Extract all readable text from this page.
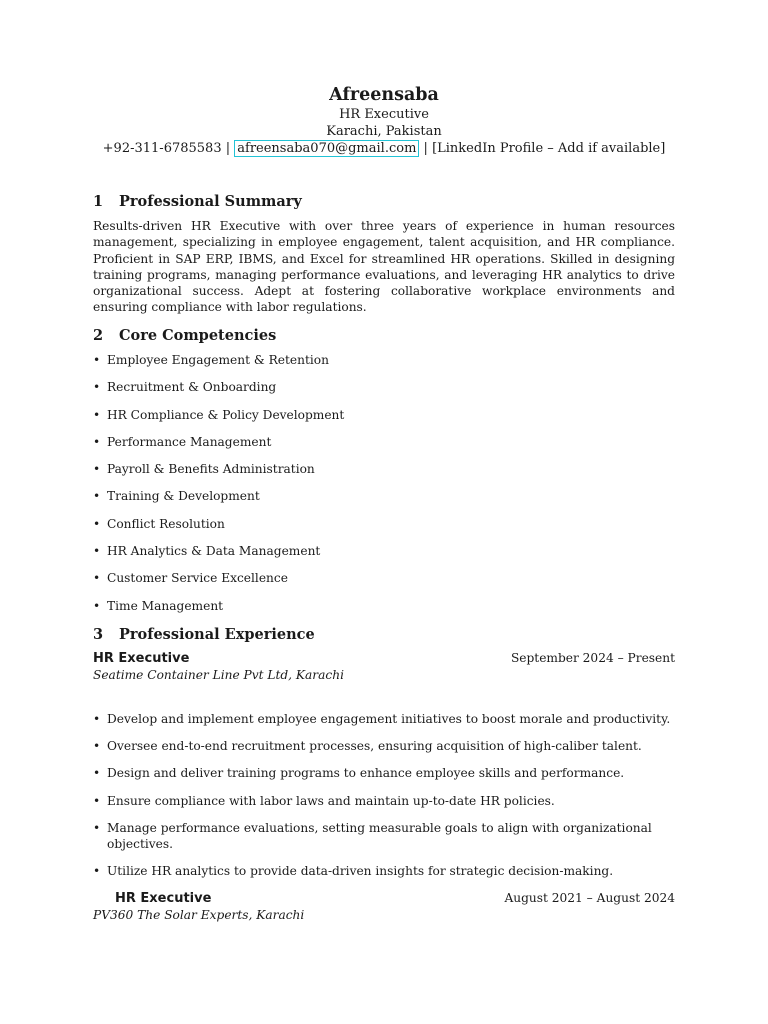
Afreensaba
HR Executive
Karachi, Pakistan
+92-311-6785583 | afreensaba070@gmail.com | [LinkedIn Profile – Add if available]
1 Professional Summary
Results-driven HR Executive with over three years of experience in human resources management, specializing in employee engagement, talent acquisition, and HR compliance. Proficient in SAP ERP, IBMS, and Excel for streamlined HR operations. Skilled in designing training programs, managing performance evaluations, and leveraging HR analytics to drive organizational success. Adept at fostering collaborative workplace environments and ensuring compliance with labor regulations.
2 Core Competencies
• Employee Engagement & Retention
• Recruitment & Onboarding
• HR Compliance & Policy Development
• Performance Management
• Payroll & Benefits Administration
• Training & Development
• Conflict Resolution
• HR Analytics & Data Management
• Customer Service Excellence
• Time Management
3 Professional Experience
HR Executive	September 2024 – Present
Seatime Container Line Pvt Ltd, Karachi
• Develop and implement employee engagement initiatives to boost morale and productivity.
• Oversee end-to-end recruitment processes, ensuring acquisition of high-caliber talent.
• Design and deliver training programs to enhance employee skills and performance.
• Ensure compliance with labor laws and maintain up-to-date HR policies.
• Manage performance evaluations, setting measurable goals to align with organizational objectives.
• Utilize HR analytics to provide data-driven insights for strategic decision-making.
HR Executive	August 2021 – August 2024
PV360 The Solar Experts, Karachi
